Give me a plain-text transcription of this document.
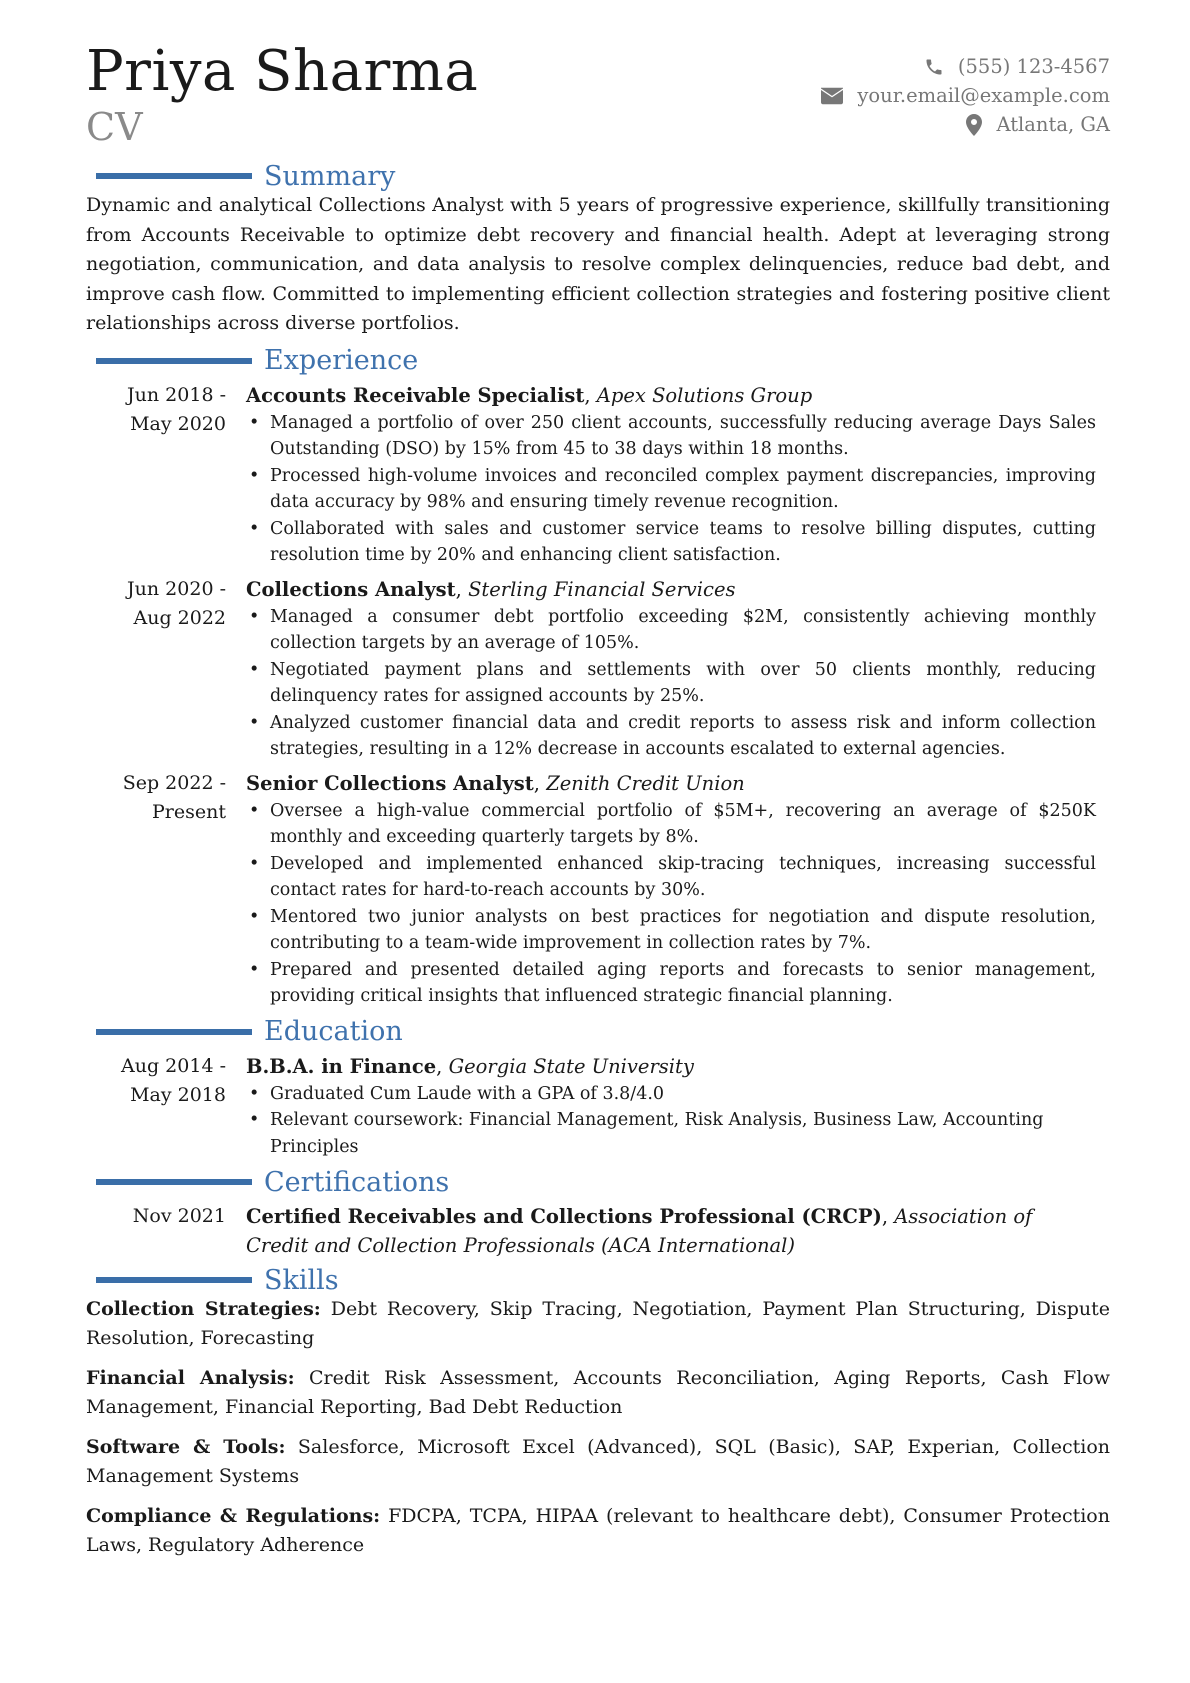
Priya Sharma
CV
(555) 123-4567
your.email@example.com
Atlanta, GA
Summary

Dynamic and analytical Collections Analyst with 5 years of progressive experience, skillfully transitioning from Accounts Receivable to optimize debt recovery and financial health. Adept at leveraging strong negotiation, communication, and data analysis to resolve complex delinquencies, reduce bad debt, and improve cash flow. Committed to implementing efficient collection strategies and fostering positive client relationships across diverse portfolios.

Experience
Jun 2018 - May 2020
Accounts Receivable Specialist, Apex Solutions Group
• Managed a portfolio of over 250 client accounts, successfully reducing average Days Sales Outstanding (DSO) by 15% from 45 to 38 days within 18 months.
• Processed high-volume invoices and reconciled complex payment discrepancies, improving data accuracy by 98% and ensuring timely revenue recognition.
• Collaborated with sales and customer service teams to resolve billing disputes, cutting resolution time by 20% and enhancing client satisfaction.
Jun 2020 - Aug 2022
Collections Analyst, Sterling Financial Services
• Managed a consumer debt portfolio exceeding $2M, consistently achieving monthly collection targets by an average of 105%.
• Negotiated payment plans and settlements with over 50 clients monthly, reducing delinquency rates for assigned accounts by 25%.
• Analyzed customer financial data and credit reports to assess risk and inform collection strategies, resulting in a 12% decrease in accounts escalated to external agencies.
Sep 2022 - Present
Senior Collections Analyst, Zenith Credit Union
• Oversee a high-value commercial portfolio of $5M+, recovering an average of $250K monthly and exceeding quarterly targets by 8%.
• Developed and implemented enhanced skip-tracing techniques, increasing successful contact rates for hard-to-reach accounts by 30%.
• Mentored two junior analysts on best practices for negotiation and dispute resolution, contributing to a team-wide improvement in collection rates by 7%.
• Prepared and presented detailed aging reports and forecasts to senior management, providing critical insights that influenced strategic financial planning.
Education
Aug 2014 - May 2018
B.B.A. in Finance, Georgia State University
• Graduated Cum Laude with a GPA of 3.8/4.0
• Relevant coursework: Financial Management, Risk Analysis, Business Law, Accounting Principles
Certifications
Nov 2021	Certified Receivables and Collections Professional (CRCP), Association of Credit and Collection Professionals (ACA International)
Skills

Collection Strategies: Debt Recovery, Skip Tracing, Negotiation, Payment Plan Structuring, Dispute Resolution, Forecasting

Financial Analysis: Credit Risk Assessment, Accounts Reconciliation, Aging Reports, Cash Flow Management, Financial Reporting, Bad Debt Reduction

Software & Tools: Salesforce, Microsoft Excel (Advanced), SQL (Basic), SAP, Experian, Collection Management Systems

Compliance & Regulations: FDCPA, TCPA, HIPAA (relevant to healthcare debt), Consumer Protection Laws, Regulatory Adherence
